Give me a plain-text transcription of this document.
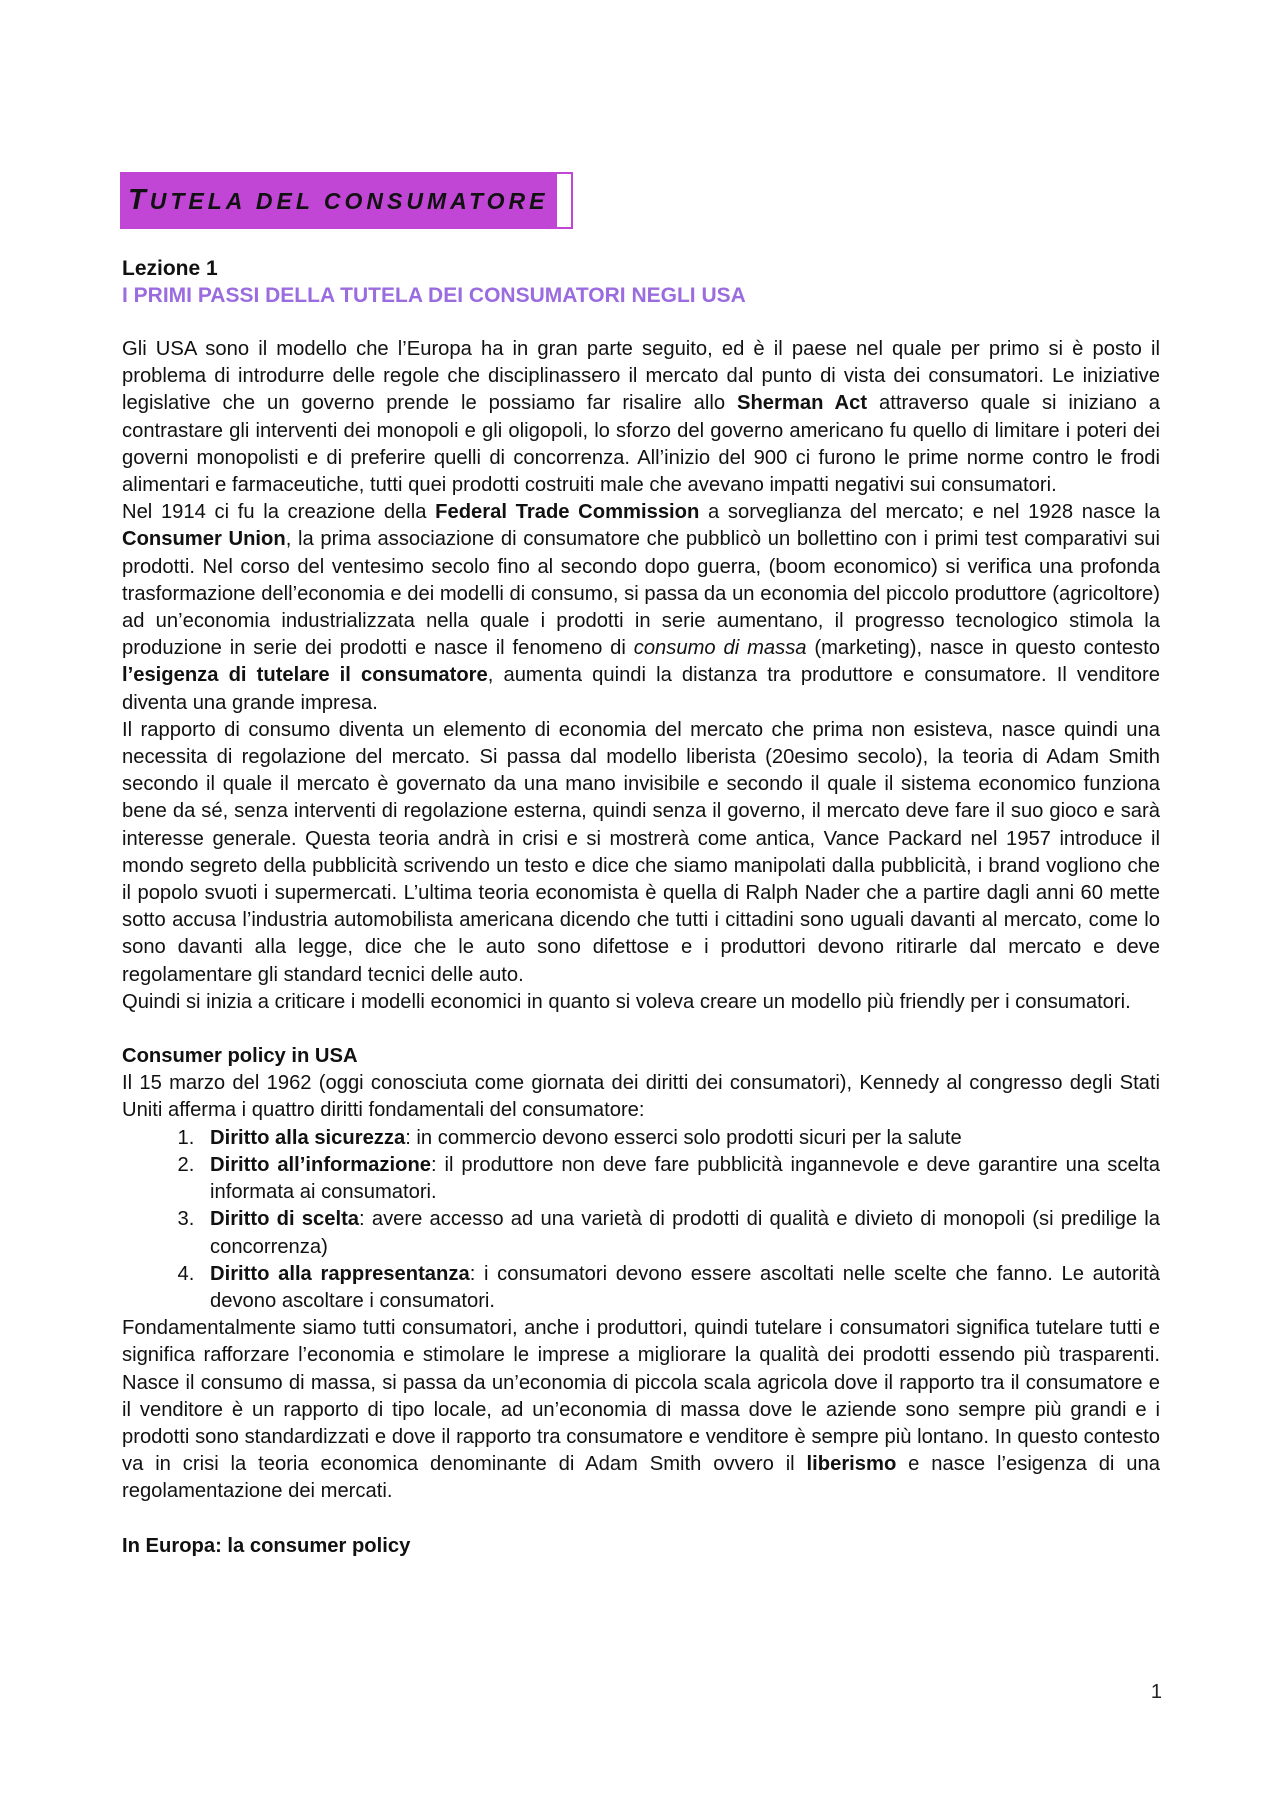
TUTELA DEL CONSUMATORE

Lezione 1

I PRIMI PASSI DELLA TUTELA DEI CONSUMATORI NEGLI USA

Gli USA sono il modello che l’Europa ha in gran parte seguito, ed è il paese nel quale per primo si è posto il problema di introdurre delle regole che disciplinassero il mercato dal punto di vista dei consumatori. Le iniziative legislative che un governo prende le possiamo far risalire allo Sherman Act attraverso quale si iniziano a contrastare gli interventi dei monopoli e gli oligopoli, lo sforzo del governo americano fu quello di limitare i poteri dei governi monopolisti e di preferire quelli di concorrenza. All’inizio del 900 ci furono le prime norme contro le frodi alimentari e farmaceutiche, tutti quei prodotti costruiti male che avevano impatti negativi sui consumatori.

Nel 1914 ci fu la creazione della Federal Trade Commission a sorveglianza del mercato; e nel 1928 nasce la Consumer Union, la prima associazione di consumatore che pubblicò un bollettino con i primi test comparativi sui prodotti. Nel corso del ventesimo secolo fino al secondo dopo guerra, (boom economico) si verifica una profonda trasformazione dell’economia e dei modelli di consumo, si passa da un economia del piccolo produttore (agricoltore) ad un’economia industrializzata nella quale i prodotti in serie aumentano, il progresso tecnologico stimola la produzione in serie dei prodotti e nasce il fenomeno di consumo di massa (marketing), nasce in questo contesto l’esigenza di tutelare il consumatore, aumenta quindi la distanza tra produttore e consumatore. Il venditore diventa una grande impresa.

Il rapporto di consumo diventa un elemento di economia del mercato che prima non esisteva, nasce quindi una necessita di regolazione del mercato. Si passa dal modello liberista (20esimo secolo), la teoria di Adam Smith secondo il quale il mercato è governato da una mano invisibile e secondo il quale il sistema economico funziona bene da sé, senza interventi di regolazione esterna, quindi senza il governo, il mercato deve fare il suo gioco e sarà interesse generale. Questa teoria andrà in crisi e si mostrerà come antica, Vance Packard nel 1957 introduce il mondo segreto della pubblicità scrivendo un testo e dice che siamo manipolati dalla pubblicità, i brand vogliono che il popolo svuoti i supermercati. L’ultima teoria economista è quella di Ralph Nader che a partire dagli anni 60 mette sotto accusa l’industria automobilista americana dicendo che tutti i cittadini sono uguali davanti al mercato, come lo sono davanti alla legge, dice che le auto sono difettose e i produttori devono ritirarle dal mercato e deve regolamentare gli standard tecnici delle auto.

Quindi si inizia a criticare i modelli economici in quanto si voleva creare un modello più friendly per i consumatori.

Consumer policy in USA

Il 15 marzo del 1962 (oggi conosciuta come giornata dei diritti dei consumatori), Kennedy al congresso degli Stati Uniti afferma i quattro diritti fondamentali del consumatore:

1. Diritto alla sicurezza: in commercio devono esserci solo prodotti sicuri per la salute
2. Diritto all’informazione: il produttore non deve fare pubblicità ingannevole e deve garantire una scelta informata ai consumatori.
3. Diritto di scelta: avere accesso ad una varietà di prodotti di qualità e divieto di monopoli (si predilige la concorrenza)
4. Diritto alla rappresentanza: i consumatori devono essere ascoltati nelle scelte che fanno. Le autorità devono ascoltare i consumatori.

Fondamentalmente siamo tutti consumatori, anche i produttori, quindi tutelare i consumatori significa tutelare tutti e significa rafforzare l’economia e stimolare le imprese a migliorare la qualità dei prodotti essendo più trasparenti. Nasce il consumo di massa, si passa da un’economia di piccola scala agricola dove il rapporto tra il consumatore e il venditore è un rapporto di tipo locale, ad un’economia di massa dove le aziende sono sempre più grandi e i prodotti sono standardizzati e dove il rapporto tra consumatore e venditore è sempre più lontano. In questo contesto va in crisi la teoria economica denominante di Adam Smith ovvero il liberismo e nasce l’esigenza di una regolamentazione dei mercati.

In Europa: la consumer policy

1
